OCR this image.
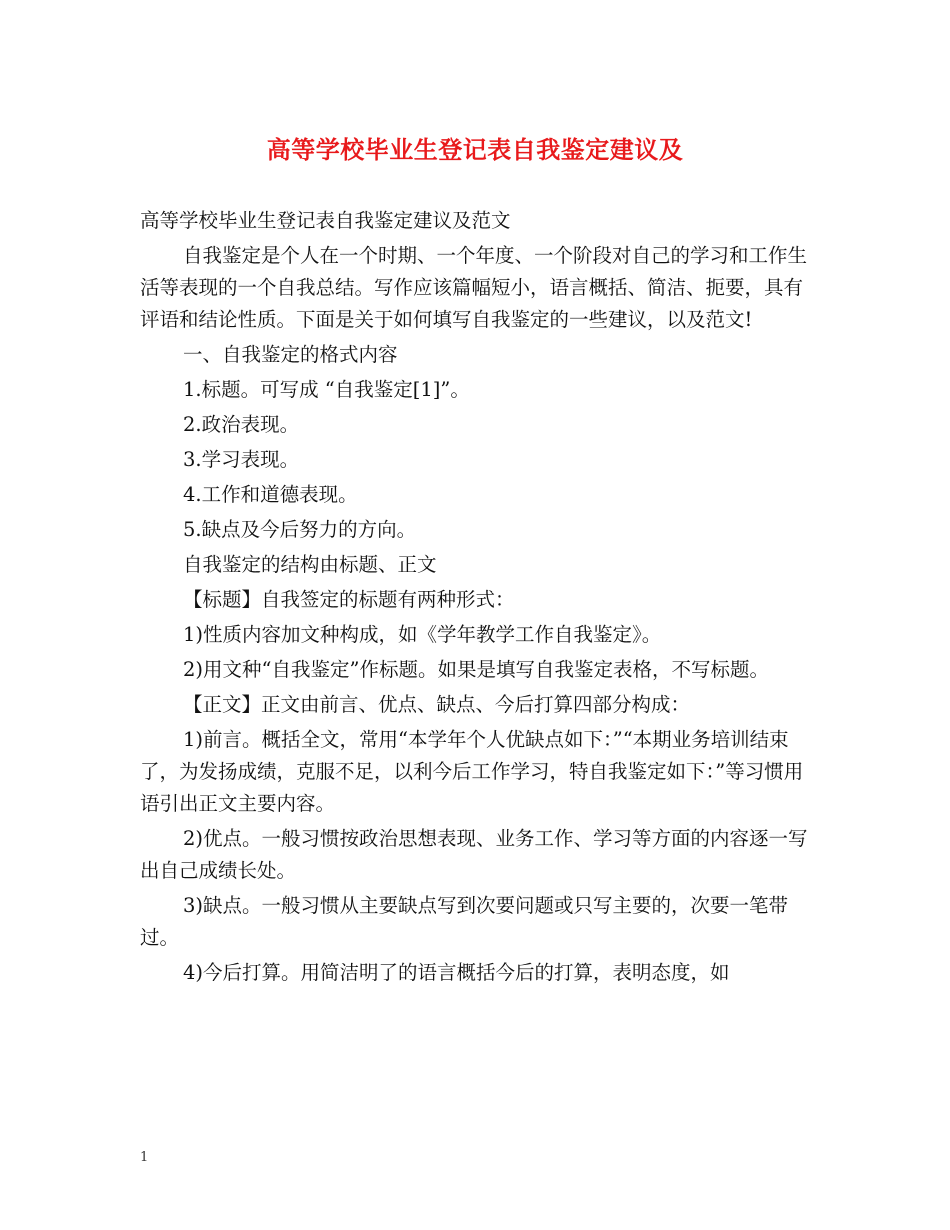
高等学校毕业生登记表自我鉴定建议及

高等学校毕业生登记表自我鉴定建议及范文

自我鉴定是个人在一个时期、一个年度、一个阶段对自己的学习和工作生活等表现的一个自我总结。写作应该篇幅短小，语言概括、简洁、扼要，具有评语和结论性质。下面是关于如何填写自我鉴定的一些建议，以及范文!

一、自我鉴定的格式内容

1.标题。可写成 “自我鉴定[1]”。

2.政治表现。

3.学习表现。

4.工作和道德表现。

5.缺点及今后努力的方向。

自我鉴定的结构由标题、正文

【标题】自我签定的标题有两种形式：

1)性质内容加文种构成，如《学年教学工作自我鉴定》。

2)用文种“自我鉴定”作标题。如果是填写自我鉴定表格，不写标题。

【正文】正文由前言、优点、缺点、今后打算四部分构成：

1)前言。概括全文，常用“本学年个人优缺点如下：”“本期业务培训结束了，为发扬成绩，克服不足，以利今后工作学习，特自我鉴定如下：”等习惯用语引出正文主要内容。

2)优点。一般习惯按政治思想表现、业务工作、学习等方面的内容逐一写出自己成绩长处。

3)缺点。一般习惯从主要缺点写到次要问题或只写主要的，次要一笔带过。

4)今后打算。用简洁明了的语言概括今后的打算，表明态度，如

1
